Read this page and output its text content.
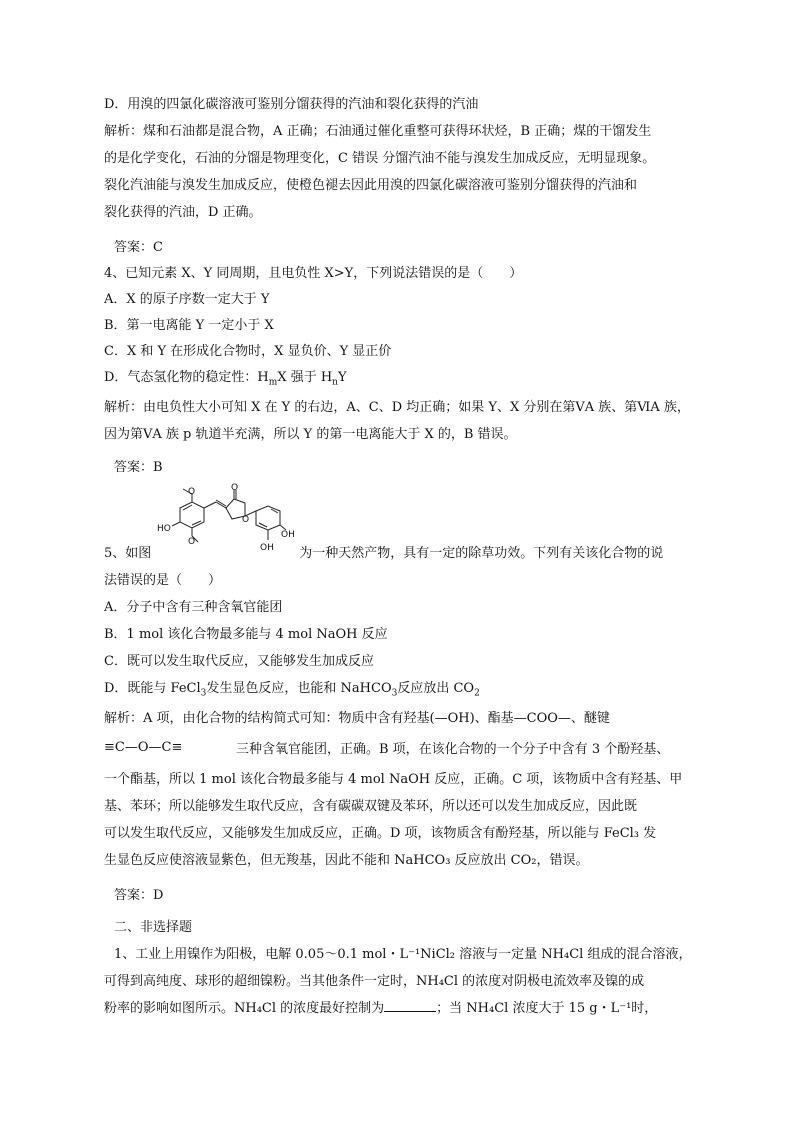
D．用溴的四氯化碳溶液可鉴别分馏获得的汽油和裂化获得的汽油
解析：煤和石油都是混合物，A 正确；石油通过催化重整可获得环状烃，B 正确；煤的干馏发生
的是化学变化，石油的分馏是物理变化，C 错误 分馏汽油不能与溴发生加成反应，无明显现象。
裂化汽油能与溴发生加成反应，使橙色褪去因此用溴的四氯化碳溶液可鉴别分馏获得的汽油和
裂化获得的汽油，D 正确。
答案：C
4、已知元素 X、Y 同周期，且电负性 X>Y，下列说法错误的是（　　）
A．X 的原子序数一定大于 Y
B．第一电离能 Y 一定小于 X
C．X 和 Y 在形成化合物时，X 显负价、Y 显正价
D．气态氢化物的稳定性：$H_mX$ 强于 $H_nY$
解析：由电负性大小可知 X 在 Y 的右边，A、C、D 均正确；如果 Y、X 分别在第ⅤA 族、第ⅥA 族，
因为第ⅤA 族 p 轨道半充满，所以 Y 的第一电离能大于 X 的，B 错误。
答案：B
O
O
HO
O
OH
OH
O
5、如图	为一种天然产物，具有一定的除草功效。下列有关该化合物的说
法错误的是（　　）
A．分子中含有三种含氧官能团
B．1 mol 该化合物最多能与 4 mol NaOH 反应
C．既可以发生取代反应，又能够发生加成反应
D．既能与 FeCl$_3$发生显色反应，也能和 NaHCO$_3$反应放出 $CO_2$
解析：A 项，由化合物的结构简式可知：物质中含有羟基(—OH)、酯基—COO—、醚键
≡C—O—C≡	三种含氧官能团，正确。B 项，在该化合物的一个分子中含有 3 个酚羟基、
一个酯基，所以 1 mol 该化合物最多能与 4 mol NaOH 反应，正确。C 项，该物质中含有羟基、甲
基、苯环；所以能够发生取代反应，含有碳碳双键及苯环，所以还可以发生加成反应，因此既
可以发生取代反应，又能够发生加成反应，正确。D 项，该物质含有酚羟基，所以能与 FeCl₃ 发
生显色反应使溶液显紫色，但无羧基，因此不能和 NaHCO₃ 反应放出 CO₂，错误。
答案：D
二、非选择题
1、工业上用镍作为阳极，电解 0.05～0.1 mol・L⁻¹NiCl₂ 溶液与一定量 NH₄Cl 组成的混合溶液，
可得到高纯度、球形的超细镍粉。当其他条件一定时，NH₄Cl 的浓度对阴极电流效率及镍的成
粉率的影响如图所示。NH₄Cl 的浓度最好控制为	；当 NH₄Cl 浓度大于 15 g・L⁻¹时，
